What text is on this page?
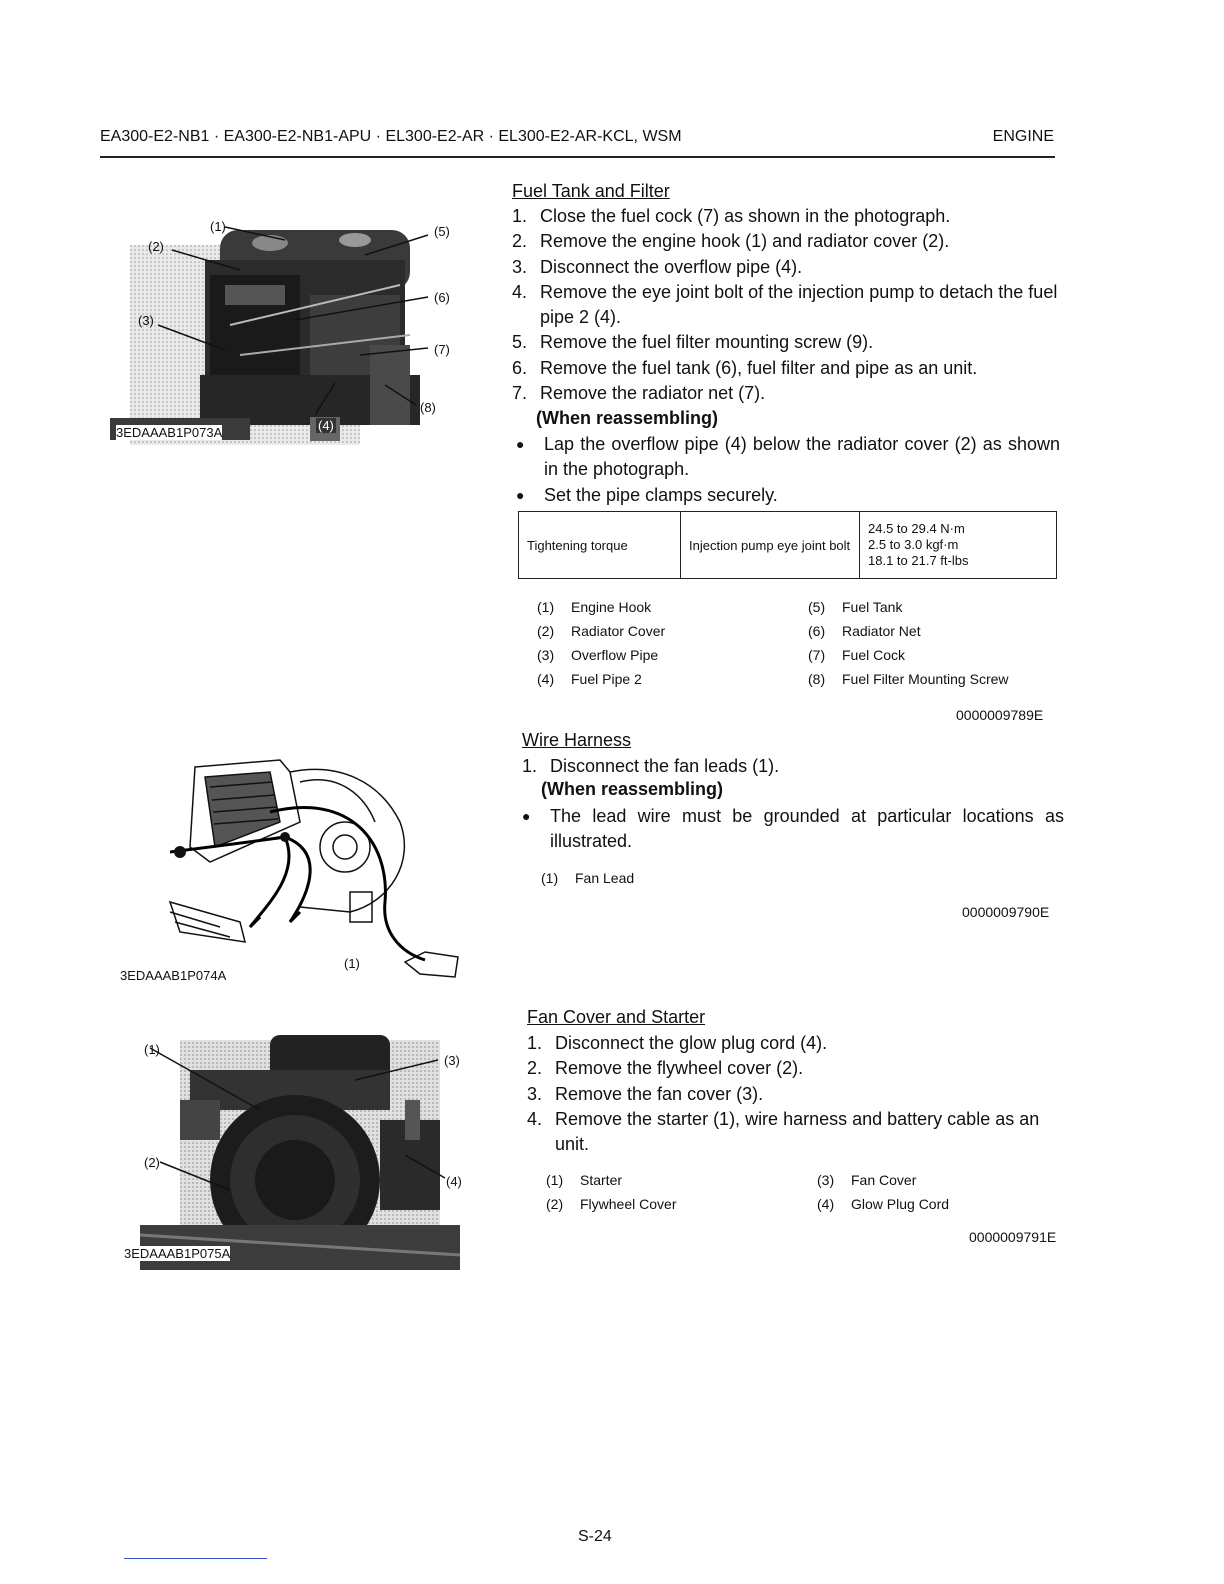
EA300-E2-NB1 · EA300-E2-NB1-APU · EL300-E2-AR · EL300-E2-AR-KCL, WSM	ENGINE
(1)
(2)
(3)
(4)
(5)
(6)
(7)
(8)
3EDAAAB1P073A
Fuel Tank and Filter
1. Close the fuel cock (7) as shown in the photograph.
2. Remove the engine hook (1) and radiator cover (2).
3. Disconnect the overflow pipe (4).
4. Remove the eye joint bolt of the injection pump to detach the fuel pipe 2 (4).
5. Remove the fuel filter mounting screw (9).
6. Remove the fuel tank (6), fuel filter and pipe as an unit.
7. Remove the radiator net (7).
(When reassembling)
●	Lap the overflow pipe (4) below the radiator cover (2) as shown in the photograph.
●	Set the pipe clamps securely.
Tightening torque	Injection pump eye joint bolt	
24.5 to 29.4 N·m
2.5 to 3.0 kgf·m
18.1 to 21.7 ft-lbs
(1)	Engine Hook
(2)	Radiator Cover
(3)	Overflow Pipe
(4)	Fuel Pipe 2
(5)	Fuel Tank
(6)	Radiator Net
(7)	Fuel Cock
(8)	Fuel Filter Mounting Screw
0000009789E
(1)
3EDAAAB1P074A
Wire Harness
1. Disconnect the fan leads (1).
(When reassembling)
●	The lead wire must be grounded at particular locations as illustrated.
(1)	Fan Lead
0000009790E
(1)
(2)
(3)
(4)
3EDAAAB1P075A
Fan Cover and Starter
1. Disconnect the glow plug cord (4).
2. Remove the flywheel cover (2).
3. Remove the fan cover (3).
4. Remove the starter (1), wire harness and battery cable as an unit.
(1)	Starter
(2)	Flywheel Cover
(3)	Fan Cover
(4)	Glow Plug Cord
0000009791E
S-24
